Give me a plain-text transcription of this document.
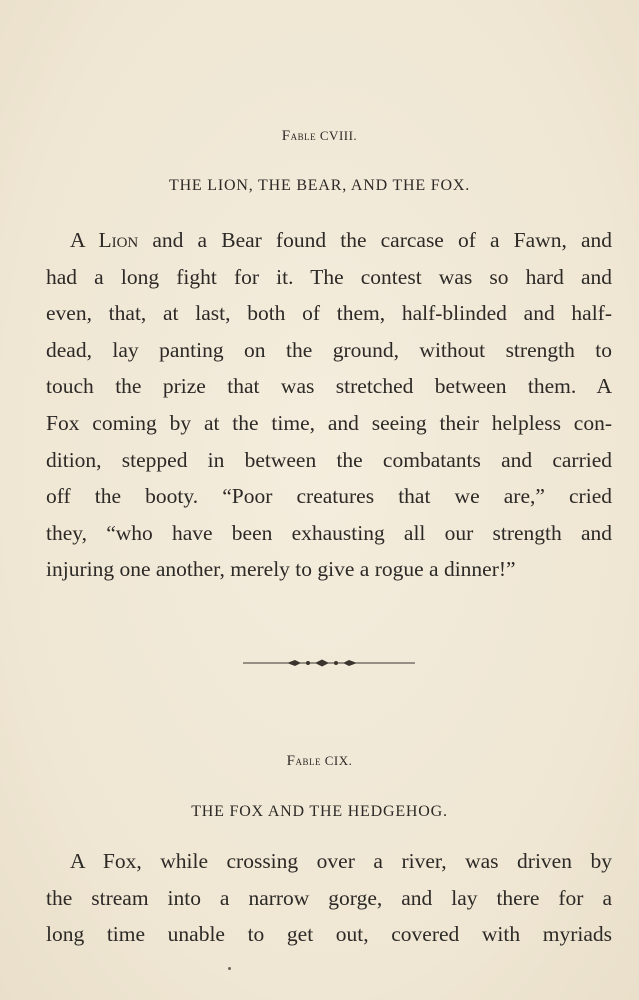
Fable CVIII.
THE LION, THE BEAR, AND THE FOX.
A Lion and a Bear found the carcase of a Fawn, and
had a long fight for it. The contest was so hard and
even, that, at last, both of them, half-blinded and half-
dead, lay panting on the ground, without strength to
touch the prize that was stretched between them. A
Fox coming by at the time, and seeing their helpless con-
dition, stepped in between the combatants and carried
off the booty. “Poor creatures that we are,” cried
they, “who have been exhausting all our strength and
injuring one another, merely to give a rogue a dinner!”
Fable CIX.
THE FOX AND THE HEDGEHOG.
A Fox, while crossing over a river, was driven by
the stream into a narrow gorge, and lay there for a
long time unable to get out, covered with myriads
